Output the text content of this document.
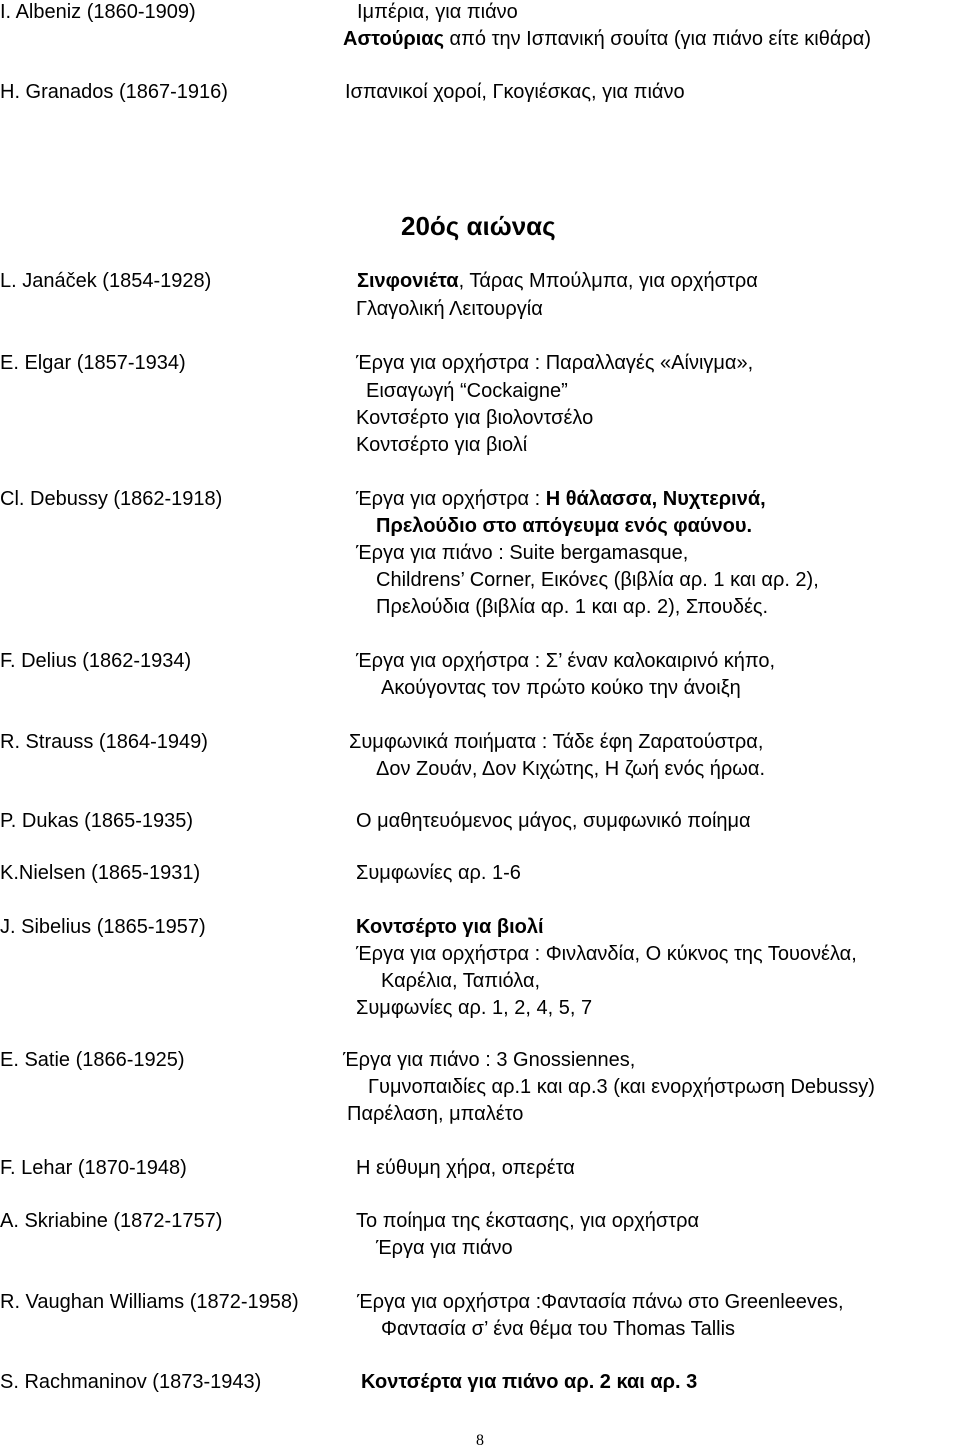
I. Albeniz (1860-1909)	Ιμπέρια, για πιάνο
Αστούριας από την Ισπανική σουίτα (για πιάνο είτε κιθάρα)
H. Granados (1867-1916)	Ισπανικοί χοροί, Γκογιέσκας, για πιάνο
20ός αιώνας
L. Janáček (1854-1928)	Σινφονιέτα, Τάρας Μπούλμπα, για ορχήστρα
Γλαγολική Λειτουργία
E. Elgar (1857-1934)	Έργα για ορχήστρα : Παραλλαγές «Αίνιγμα»,
Εισαγωγή “Cockaigne”
Κοντσέρτο για βιολοντσέλο
Κοντσέρτο για βιολί
Cl. Debussy (1862-1918)	Έργα για ορχήστρα : Η θάλασσα, Νυχτερινά,
Πρελούδιο στο απόγευμα ενός φαύνου.
Έργα για πιάνο : Suite bergamasque,
Childrens’ Corner, Εικόνες (βιβλία αρ. 1 και αρ. 2),
Πρελούδια (βιβλία αρ. 1 και αρ. 2), Σπουδές.
F. Delius (1862-1934)	Έργα για ορχήστρα : Σ’ έναν καλοκαιρινό κήπο,
Ακούγοντας τον πρώτο κούκο την άνοιξη
R. Strauss (1864-1949)	Συμφωνικά ποιήματα : Τάδε έφη Ζαρατούστρα,
Δον Ζουάν, Δον Κιχώτης, Η ζωή ενός ήρωα.
P. Dukas (1865-1935)	Ο μαθητευόμενος μάγος, συμφωνικό ποίημα
K.Nielsen (1865-1931)	Συμφωνίες αρ. 1-6
J. Sibelius (1865-1957)	Κοντσέρτο για βιολί
Έργα για ορχήστρα : Φινλανδία, Ο κύκνος της Τουονέλα,
Καρέλια, Ταπιόλα,
Συμφωνίες αρ. 1, 2, 4, 5, 7
E. Satie (1866-1925)	Έργα για πιάνο : 3 Gnossiennes,
Γυμνοπαιδίες αρ.1 και αρ.3 (και ενορχήστρωση Debussy)
Παρέλαση, μπαλέτο
F. Lehar (1870-1948)	Η εύθυμη χήρα, οπερέτα
A. Skriabine (1872-1757)	Το ποίημα της έκστασης, για ορχήστρα
Έργα για πιάνο
R. Vaughan Williams (1872-1958)	Έργα για ορχήστρα :Φαντασία πάνω στο Greenleeves,
Φαντασία σ’ ένα θέμα του Thomas Tallis
S. Rachmaninov (1873-1943)	Κοντσέρτα για πιάνο αρ. 2 και αρ. 3
8
